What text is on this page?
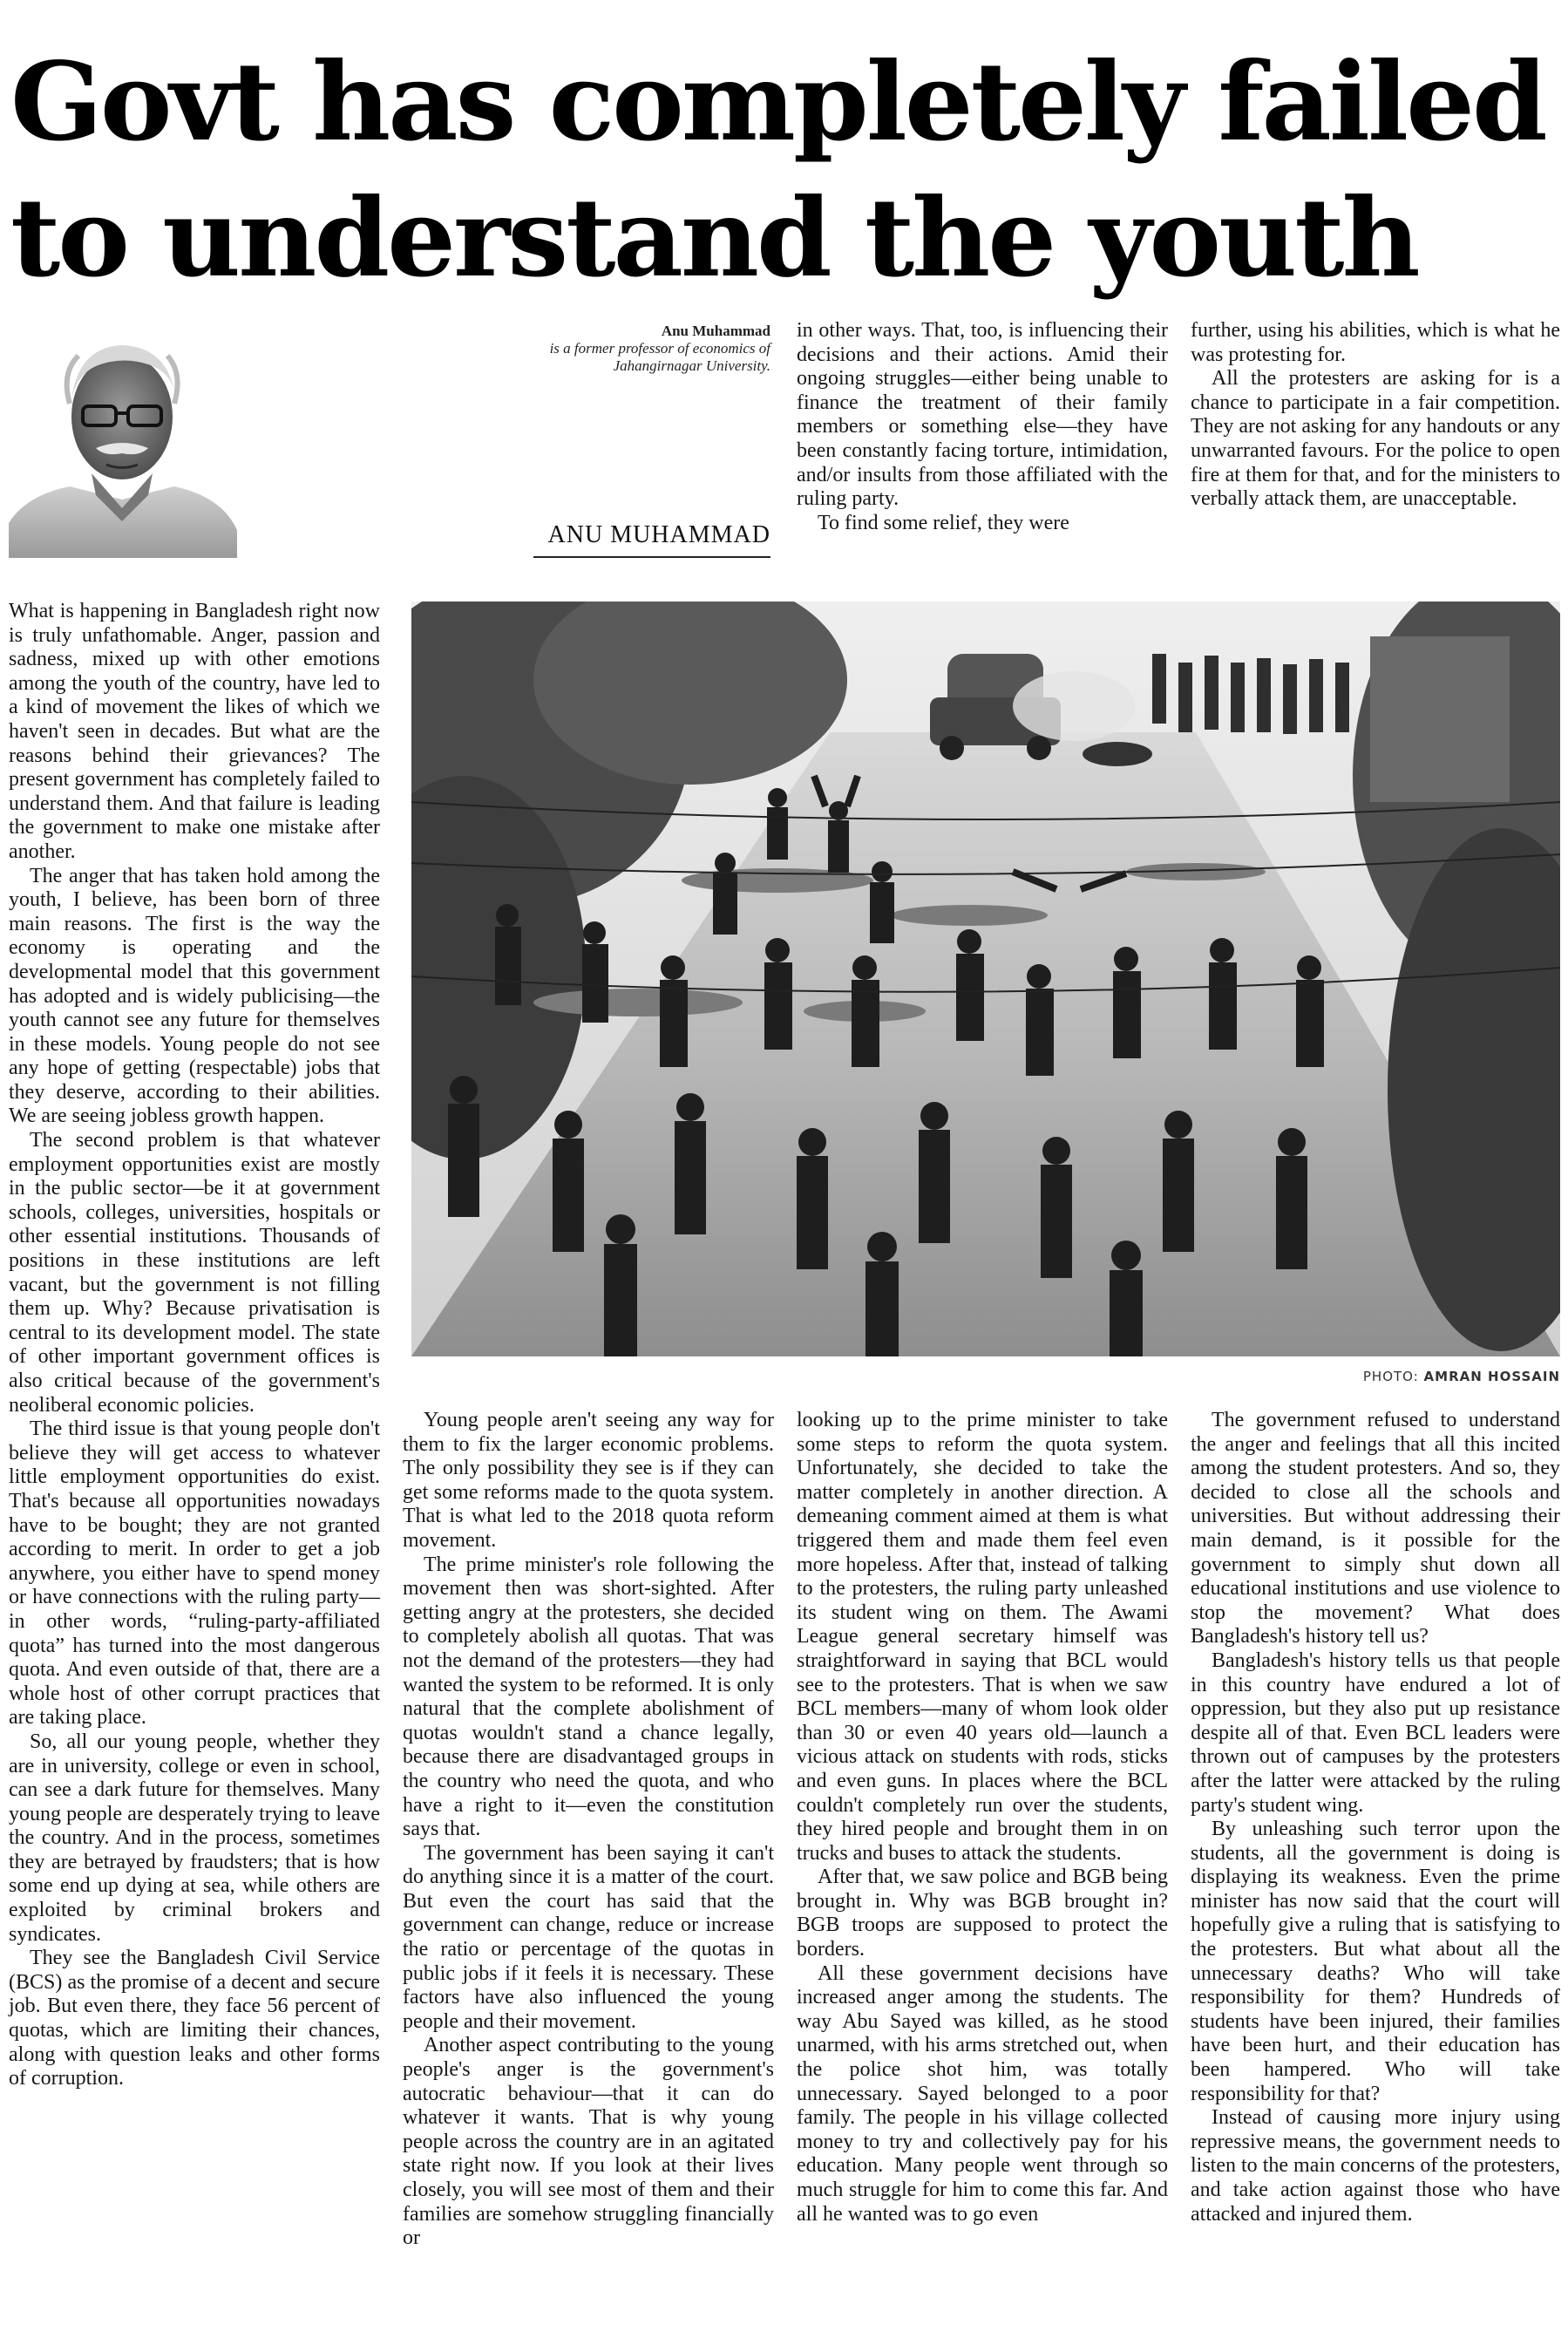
Govt has completely failed
to understand the youth
Anu Muhammad
is a former professor of economics of
Jahangirnagar University.
ANU MUHAMMAD

in other ways. That, too, is influencing their decisions and their actions. Amid their ongoing struggles—either being unable to finance the treatment of their family members or something else—they have been constantly facing torture, intimidation, and/or insults from those affiliated with the ruling party.

To find some relief, they were

further, using his abilities, which is what he was protesting for.

All the protesters are asking for is a chance to participate in a fair competition. They are not asking for any handouts or any unwarranted favours. For the police to open fire at them for that, and for the ministers to verbally attack them, are unacceptable.

What is happening in Bangladesh right now is truly unfathomable. Anger, passion and sadness, mixed up with other emotions among the youth of the country, have led to a kind of movement the likes of which we haven't seen in decades. But what are the reasons behind their grievances? The present government has completely failed to understand them. And that failure is leading the government to make one mistake after another.

The anger that has taken hold among the youth, I believe, has been born of three main reasons. The first is the way the economy is operating and the developmental model that this government has adopted and is widely publicising—the youth cannot see any future for themselves in these models. Young people do not see any hope of getting (respectable) jobs that they deserve, according to their abilities. We are seeing jobless growth happen.

The second problem is that whatever employment opportunities exist are mostly in the public sector—be it at government schools, colleges, universities, hospitals or other essential institutions. Thousands of positions in these institutions are left vacant, but the government is not filling them up. Why? Because privatisation is central to its development model. The state of other important government offices is also critical because of the government's neoliberal economic policies.

The third issue is that young people don't believe they will get access to whatever little employment opportunities do exist. That's because all opportunities nowadays have to be bought; they are not granted according to merit. In order to get a job anywhere, you either have to spend money or have connections with the ruling party—in other words, “ruling-party-affiliated quota” has turned into the most dangerous quota. And even outside of that, there are a whole host of other corrupt practices that are taking place.

So, all our young people, whether they are in university, college or even in school, can see a dark future for themselves. Many young people are desperately trying to leave the country. And in the process, sometimes they are betrayed by fraudsters; that is how some end up dying at sea, while others are exploited by criminal brokers and syndicates.

They see the Bangladesh Civil Service (BCS) as the promise of a decent and secure job. But even there, they face 56 percent of quotas, which are limiting their chances, along with question leaks and other forms of corruption.

PHOTO: AMRAN HOSSAIN

Young people aren't seeing any way for them to fix the larger economic problems. The only possibility they see is if they can get some reforms made to the quota system. That is what led to the 2018 quota reform movement.

The prime minister's role following the movement then was short-sighted. After getting angry at the protesters, she decided to completely abolish all quotas. That was not the demand of the protesters—they had wanted the system to be reformed. It is only natural that the complete abolishment of quotas wouldn't stand a chance legally, because there are disadvantaged groups in the country who need the quota, and who have a right to it—even the constitution says that.

The government has been saying it can't do anything since it is a matter of the court. But even the court has said that the government can change, reduce or increase the ratio or percentage of the quotas in public jobs if it feels it is necessary. These factors have also influenced the young people and their movement.

Another aspect contributing to the young people's anger is the government's autocratic behaviour—that it can do whatever it wants. That is why young people across the country are in an agitated state right now. If you look at their lives closely, you will see most of them and their families are somehow struggling financially or

looking up to the prime minister to take some steps to reform the quota system. Unfortunately, she decided to take the matter completely in another direction. A demeaning comment aimed at them is what triggered them and made them feel even more hopeless. After that, instead of talking to the protesters, the ruling party unleashed its student wing on them. The Awami League general secretary himself was straightforward in saying that BCL would see to the protesters. That is when we saw BCL members—many of whom look older than 30 or even 40 years old—launch a vicious attack on students with rods, sticks and even guns. In places where the BCL couldn't completely run over the students, they hired people and brought them in on trucks and buses to attack the students.

After that, we saw police and BGB being brought in. Why was BGB brought in? BGB troops are supposed to protect the borders.

All these government decisions have increased anger among the students. The way Abu Sayed was killed, as he stood unarmed, with his arms stretched out, when the police shot him, was totally unnecessary. Sayed belonged to a poor family. The people in his village collected money to try and collectively pay for his education. Many people went through so much struggle for him to come this far. And all he wanted was to go even

The government refused to understand the anger and feelings that all this incited among the student protesters. And so, they decided to close all the schools and universities. But without addressing their main demand, is it possible for the government to simply shut down all educational institutions and use violence to stop the movement? What does Bangladesh's history tell us?

Bangladesh's history tells us that people in this country have endured a lot of oppression, but they also put up resistance despite all of that. Even BCL leaders were thrown out of campuses by the protesters after the latter were attacked by the ruling party's student wing.

By unleashing such terror upon the students, all the government is doing is displaying its weakness. Even the prime minister has now said that the court will hopefully give a ruling that is satisfying to the protesters. But what about all the unnecessary deaths? Who will take responsibility for them? Hundreds of students have been injured, their families have been hurt, and their education has been hampered. Who will take responsibility for that?

Instead of causing more injury using repressive means, the government needs to listen to the main concerns of the protesters, and take action against those who have attacked and injured them.
